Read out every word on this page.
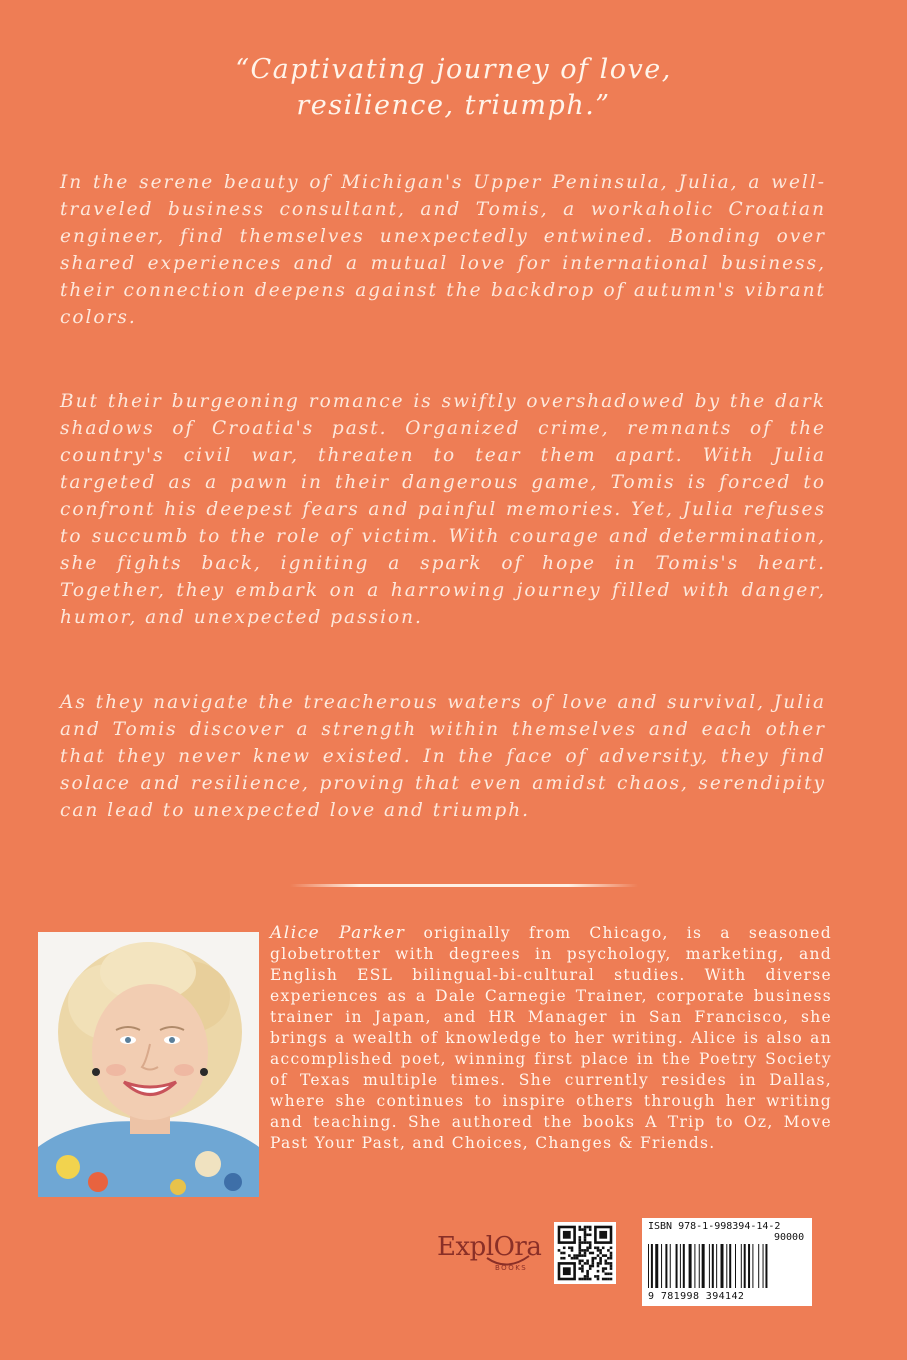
“Captivating journey of love,
resilience, triumph.”

In the serene beauty of Michigan's Upper Peninsula, Julia, a well-traveled business consultant, and Tomis, a workaholic Croatian engineer, find themselves unexpectedly entwined. Bonding over shared experiences and a mutual love for international business, their connection deepens against the backdrop of autumn's vibrant colors.

But their burgeoning romance is swiftly overshadowed by the dark shadows of Croatia's past. Organized crime, remnants of the country's civil war, threaten to tear them apart. With Julia targeted as a pawn in their dangerous game, Tomis is forced to confront his deepest fears and painful memories. Yet, Julia refuses to succumb to the role of victim. With courage and determination, she fights back, igniting a spark of hope in Tomis's heart. Together, they embark on a harrowing journey filled with danger, humor, and unexpected passion.

As they navigate the treacherous waters of love and survival, Julia and Tomis discover a strength within themselves and each other that they never knew existed. In the face of adversity, they find solace and resilience, proving that even amidst chaos, serendipity can lead to unexpected love and triumph.

Alice Parker originally from Chicago, is a seasoned globetrotter with degrees in psychology, marketing, and English ESL bilingual-bi-cultural studies. With diverse experiences as a Dale Carnegie Trainer, corporate business trainer in Japan, and HR Manager in San Francisco, she brings a wealth of knowledge to her writing. Alice is also an accomplished poet, winning first place in the Poetry Society of Texas multiple times. She currently resides in Dallas, where she continues to inspire others through her writing and teaching. She authored the books A Trip to Oz, Move Past Your Past, and Choices, Changes & Friends.

ExplOra
BOOKS
ISBN 978-1-998394-14-2
90000
9 781998 394142
